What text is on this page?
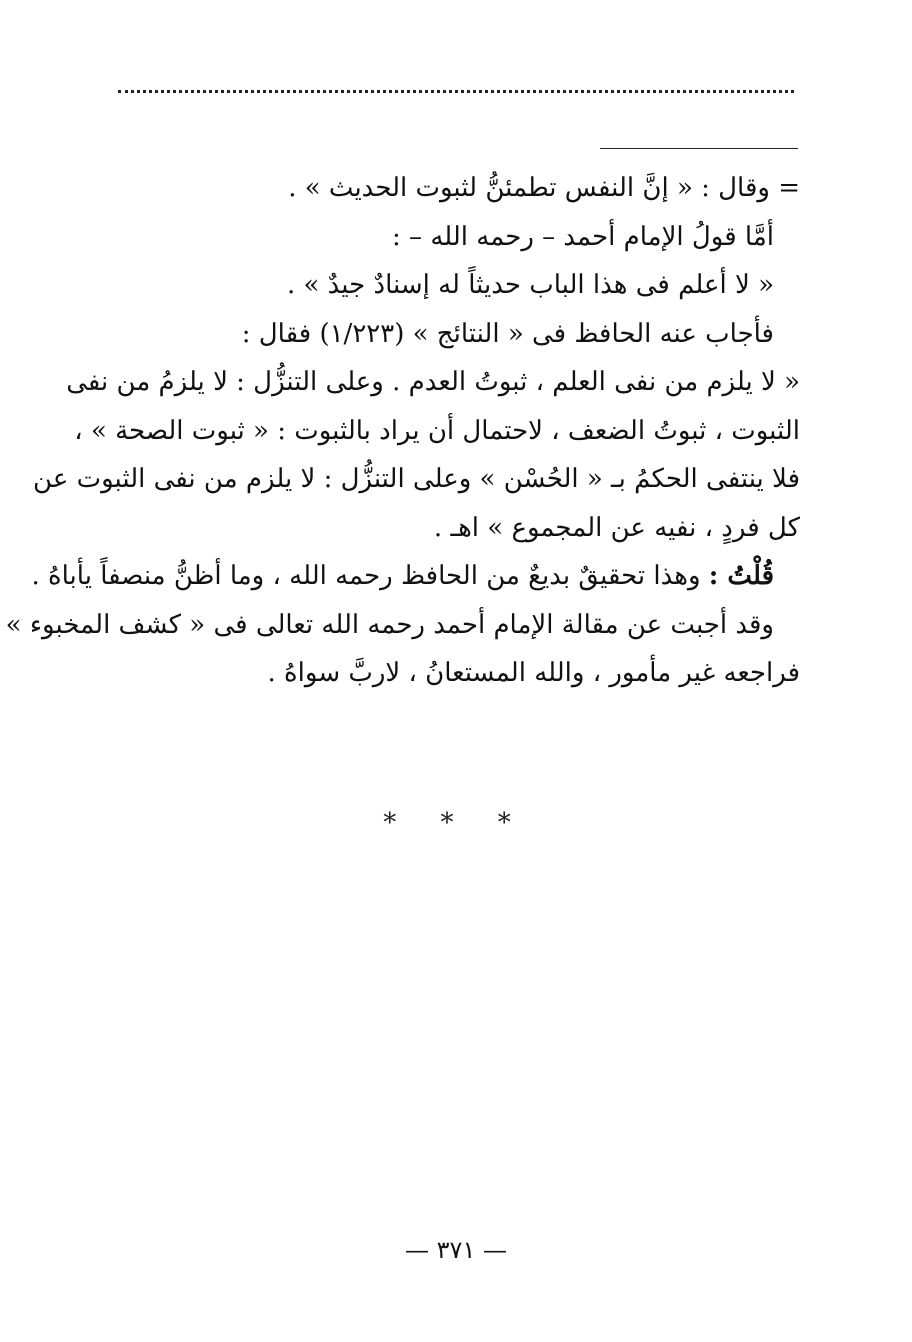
= وقال : « إنَّ النفس تطمئنُّ لثبوت الحديث » .
أمَّا قولُ الإمام أحمد – رحمه الله – :
« لا أعلم فى هذا الباب حديثاً له إسنادٌ جيدٌ » .
فأجاب عنه الحافظ فى « النتائج » (١/٢٢٣) فقال :
« لا يلزم من نفى العلم ، ثبوتُ العدم . وعلى التنزُّل : لا يلزمُ من نفى
الثبوت ، ثبوتُ الضعف ، لاحتمال أن يراد بالثبوت : « ثبوت الصحة » ،
فلا ينتفى الحكمُ بـ « الحُسْن » وعلى التنزُّل : لا يلزم من نفى الثبوت عن
كل فردٍ ، نفيه عن المجموع » اهـ .
قُلْتُ : وهذا تحقيقٌ بديعٌ من الحافظ رحمه الله ، وما أظنُّ منصفاً يأباهُ .
وقد أجبت عن مقالة الإمام أحمد رحمه الله تعالى فى « كشف المخبوء »
فراجعه غير مأمور ، والله المستعانُ ، لاربَّ سواهُ .
* * *
— ٣٧١ —
